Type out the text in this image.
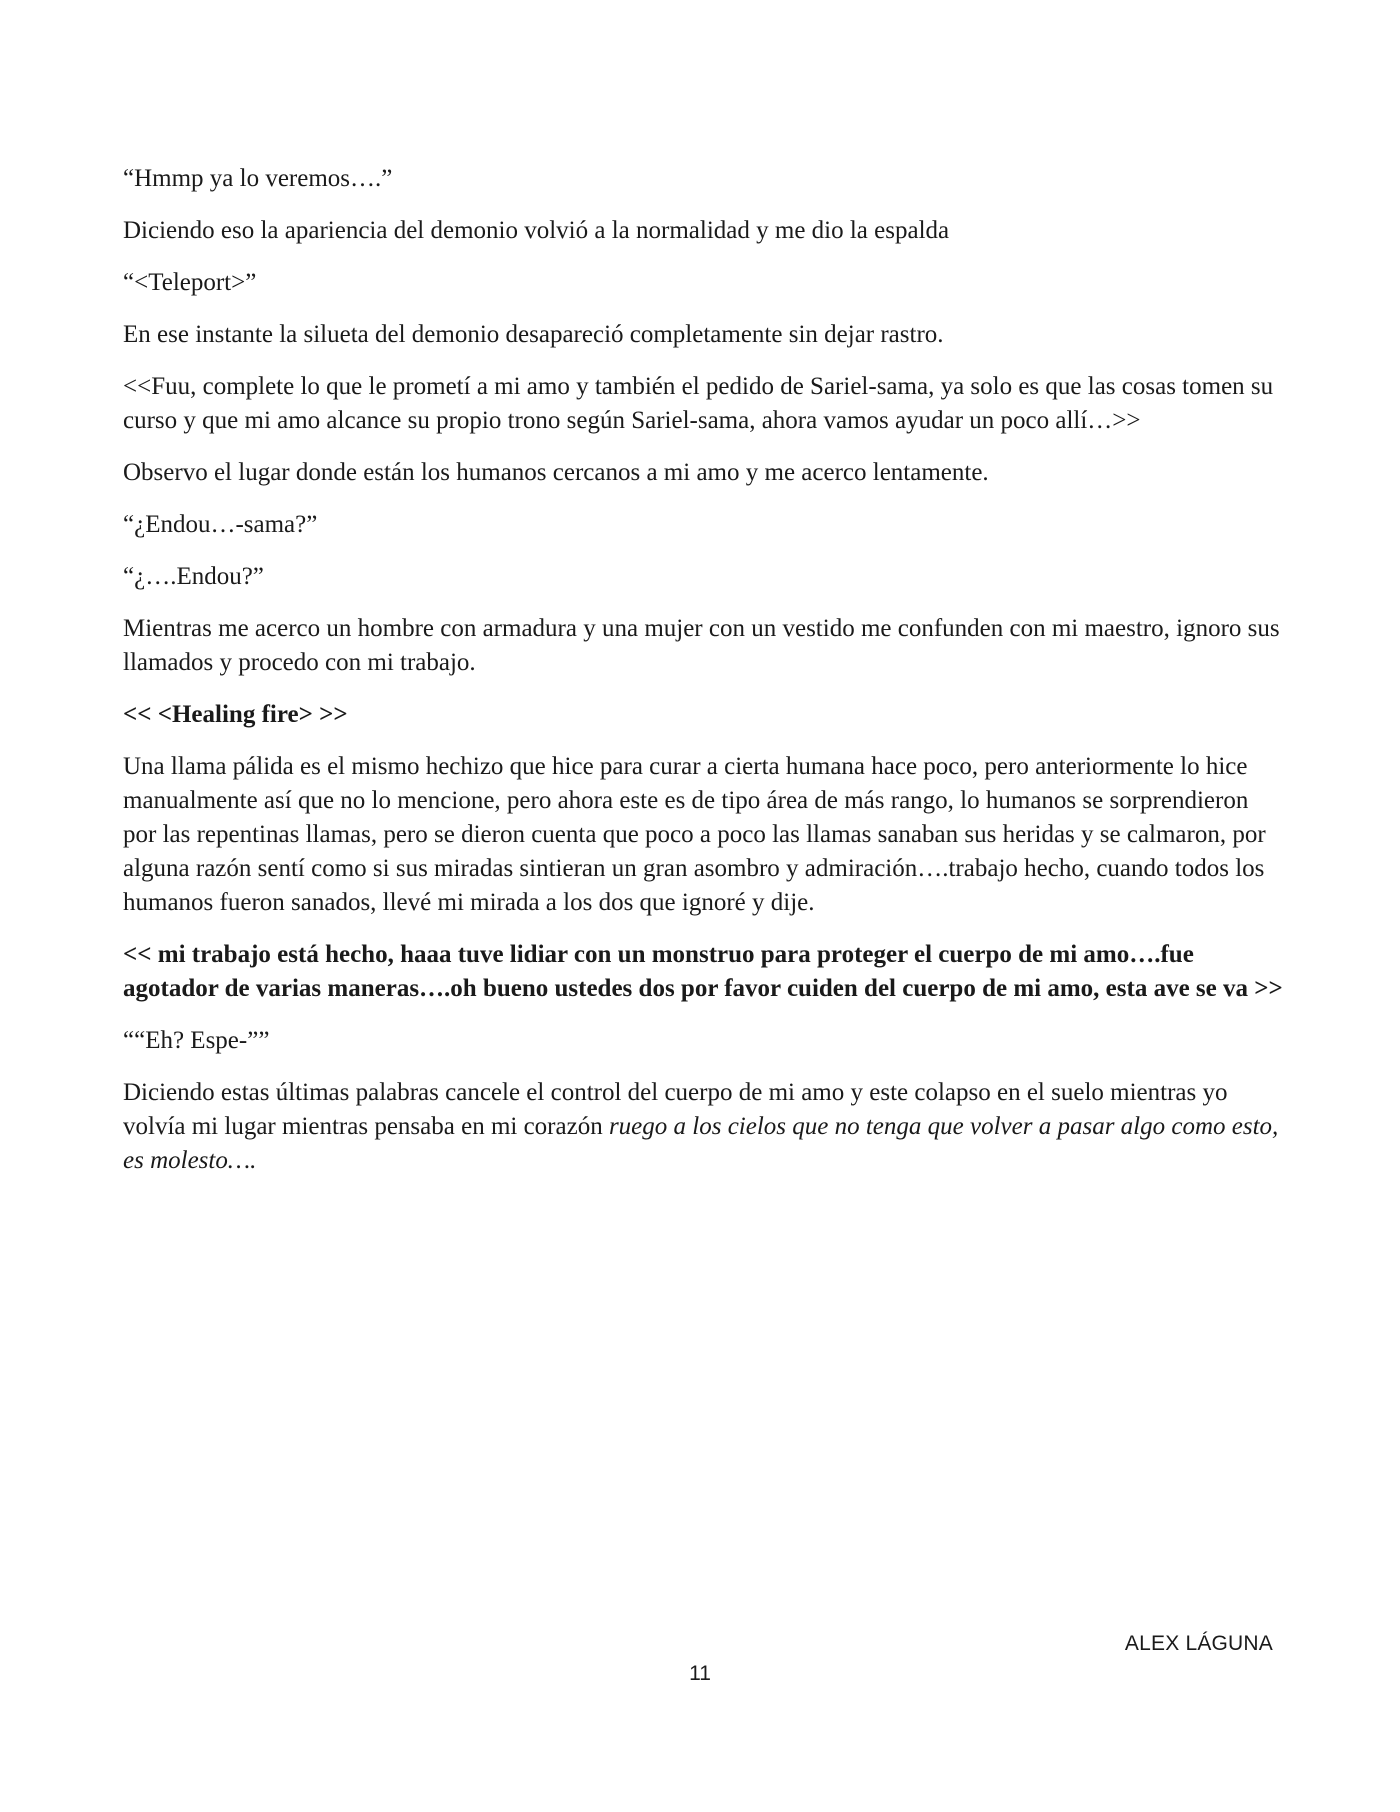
“Hmmp ya lo veremos….”

Diciendo eso la apariencia del demonio volvió a la normalidad y me dio la espalda

“<Teleport>”

En ese instante la silueta del demonio desapareció completamente sin dejar rastro.

<<Fuu, complete lo que le prometí a mi amo y también el pedido de Sariel-sama, ya solo es que las cosas tomen su curso y que mi amo alcance su propio trono según Sariel-sama, ahora vamos ayudar un poco allí…>>

Observo el lugar donde están los humanos cercanos a mi amo y me acerco lentamente.

“¿Endou…-sama?”

“¿….Endou?”

Mientras me acerco un hombre con armadura y una mujer con un vestido me confunden con mi maestro, ignoro sus llamados y procedo con mi trabajo.

<< <Healing fire> >>

Una llama pálida es el mismo hechizo que hice para curar a cierta humana hace poco, pero anteriormente lo hice manualmente así que no lo mencione, pero ahora este es de tipo área de más rango, lo humanos se sorprendieron por las repentinas llamas, pero se dieron cuenta que poco a poco las llamas sanaban sus heridas y se calmaron, por alguna razón sentí como si sus miradas sintieran un gran asombro y admiración….trabajo hecho, cuando todos los humanos fueron sanados, llevé mi mirada a los dos que ignoré y dije.

<< mi trabajo está hecho, haaa tuve lidiar con un monstruo para proteger el cuerpo de mi amo….fue agotador de varias maneras….oh bueno ustedes dos por favor cuiden del cuerpo de mi amo, esta ave se va >>

““Eh? Espe-””

Diciendo estas últimas palabras cancele el control del cuerpo de mi amo y este colapso en el suelo mientras yo volvía mi lugar mientras pensaba en mi corazón ruego a los cielos que no tenga que volver a pasar algo como esto, es molesto….

ALEX LÁGUNA
11
